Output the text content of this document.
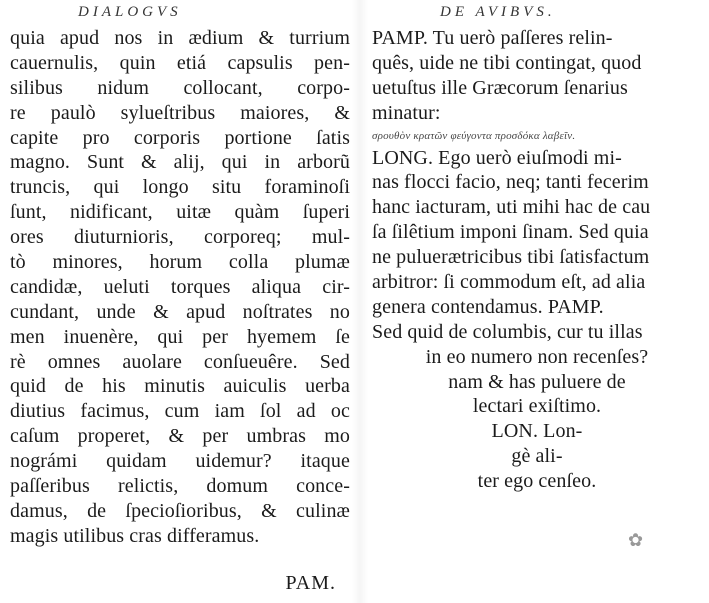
DIALOGVS
quia apud nos in ædium & turrium
cauernulis, quin etiá capsulis pen-
silibus nidum collocant, corpo-
re paulò sylueſtribus maiores, &
capite pro corporis portione ſatis
magno. Sunt & alij, qui in arborũ
truncis, qui longo situ foraminoſi
ſunt, nidificant, uitæ quàm ſuperi
ores diuturnioris, corporeq; mul-
tò minores, horum colla plumæ
candidæ, ueluti torques aliqua cir-
cundant, unde & apud noſtrates no
men inuenère, qui per hyemem ſe
rè omnes auolare conſueuêre. Sed
quid de his minutis auiculis uerba
diutius facimus, cum iam ſol ad oc
caſum properet, & per umbras mo
nográmi quidam uidemur? itaque
paſſeribus relictis, domum conce-
damus, de ſpecioſioribus, & culinæ
magis utilibus cras differamus.
PAM.
DE AVIBVS.
PAMP. Tu uerò paſſeres relin-
quês, uide ne tibi contingat, quod
uetuſtus ille Græcorum ſenarius
minatur:
σρουθὸν κρατῶν φεύγοντα προσδόκα λαβεῖν.
LONG. Ego uerò eiuſmodi mi-
nas flocci facio, neq; tanti fecerim
hanc iacturam, uti mihi hac de cau
ſa ſilêtium imponi ſinam. Sed quia
ne puluerætricibus tibi ſatisfactum
arbitror: ſi commodum eſt, ad alia
genera contendamus. PAMP.
Sed quid de columbis, cur tu illas
in eo numero non recenſes?
nam & has puluere de
lectari exiſtimo.
LON. Lon-
gè ali-
ter ego cenſeo.
✿
